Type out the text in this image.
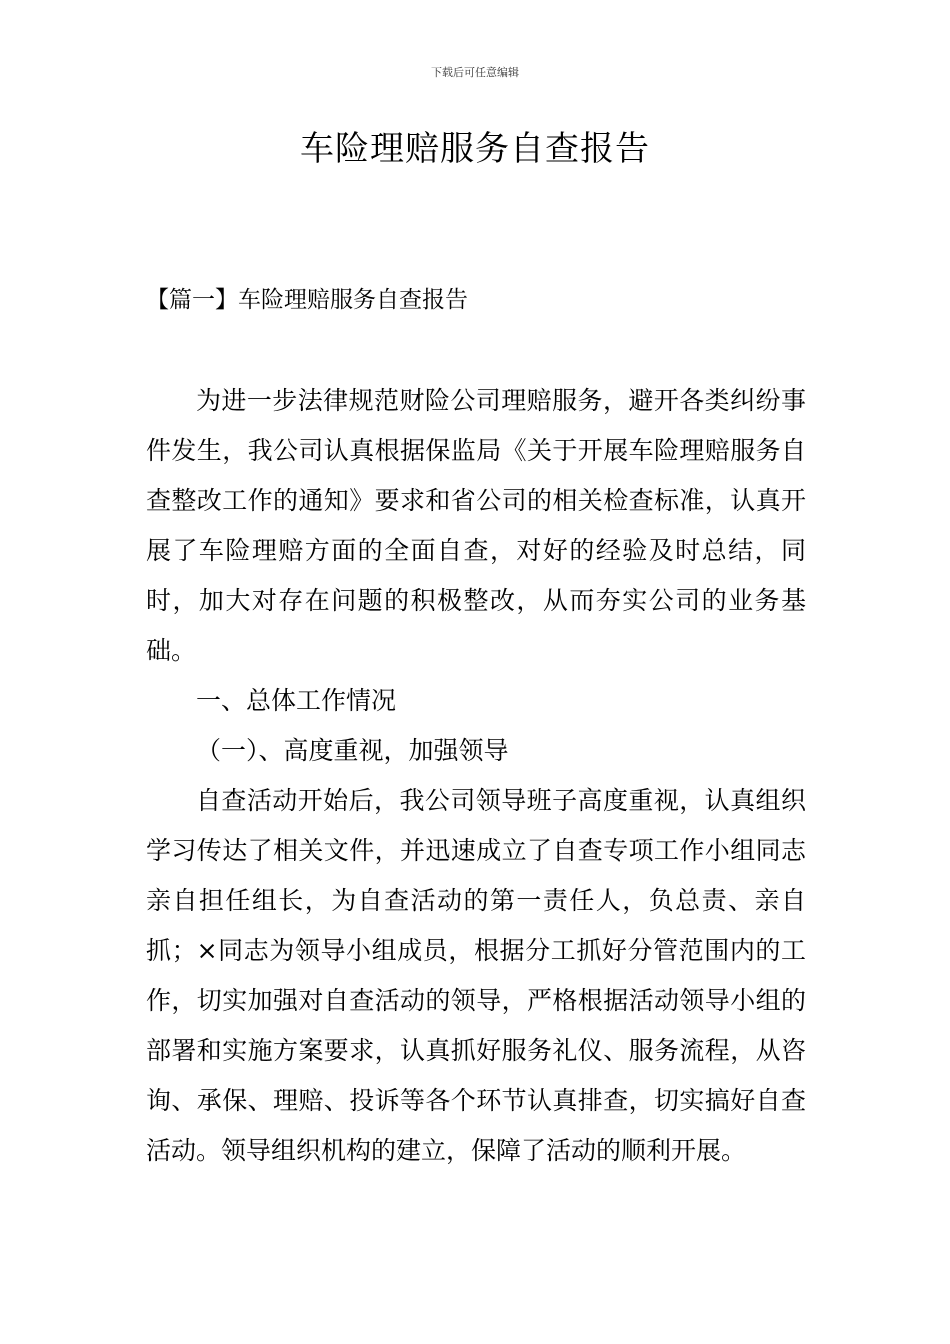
下载后可任意编辑
车险理赔服务自查报告
【篇一】车险理赔服务自查报告

为进一步法律规范财险公司理赔服务，避开各类纠纷事件发生，我公司认真根据保监局《关于开展车险理赔服务自查整改工作的通知》要求和省公司的相关检查标准，认真开展了车险理赔方面的全面自查，对好的经验及时总结，同时，加大对存在问题的积极整改，从而夯实公司的业务基础。

一、总体工作情况

（一）、高度重视，加强领导

自查活动开始后，我公司领导班子高度重视，认真组织学习传达了相关文件，并迅速成立了自查专项工作小组同志亲自担任组长，为自查活动的第一责任人，负总责、亲自抓；×同志为领导小组成员，根据分工抓好分管范围内的工作，切实加强对自查活动的领导，严格根据活动领导小组的部署和实施方案要求，认真抓好服务礼仪、服务流程，从咨询、承保、理赔、投诉等各个环节认真排查，切实搞好自查活动。领导组织机构的建立，保障了活动的顺利开展。
